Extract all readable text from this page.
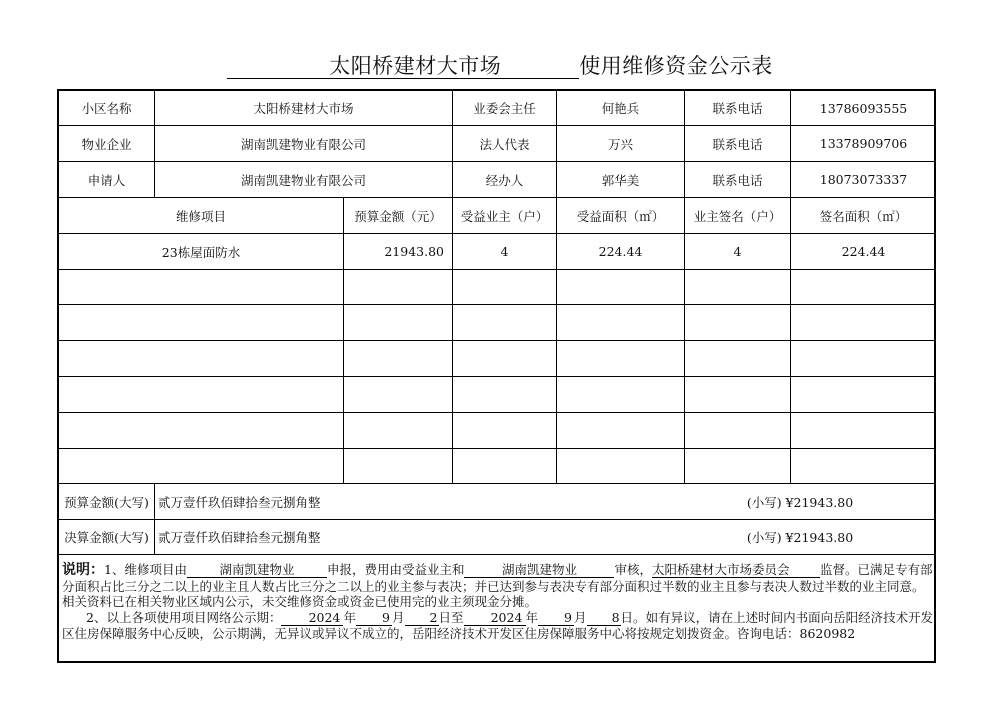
太阳桥建材大市场	使用维修资金公示表
小区名称	太阳桥建材大市场	业委会主任	何艳兵	联系电话	13786093555
物业企业	湖南凯建物业有限公司	法人代表	万兴	联系电话	13378909706
申请人	湖南凯建物业有限公司	经办人	郭华美	联系电话	18073073337
维修项目	预算金额（元）	受益业主（户）	受益面积（㎡）	业主签名（户）	签名面积（㎡）
23栋屋面防水	21943.80	4	224.44	4	224.44
预算金额(大写) 贰万壹仟玖佰肆拾叁元捌角整	(小写) ¥21943.80
决算金额(大写) 贰万壹仟玖佰肆拾叁元捌角整	(小写) ¥21943.80

说明：1、维修项目由	湖南凯建物业	申报，费用由受益业主和	湖南凯建物业	审核，太阳桥建材大市场委员会 监督。已满足专有部分面积占比三分之二以上的业主且人数占比三分之二以上的业主参与表决；并已达到参与表决专有部分面积过半数的业主且参与表决人数过半数的业主同意。相关资料已在相关物业区域内公示，未交维修资金或资金已使用完的业主须现金分摊。

2、以上各项使用项目网络公示期： 2024 年 9 月 2日至 2024 年 9 月 8日。如有异议，请在上述时间内书面向岳阳经济技术开发区住房保障服务中心反映，公示期满，无异议或异议不成立的，岳阳经济技术开发区住房保障服务中心将按规定划拨资金。咨询电话：8620982
